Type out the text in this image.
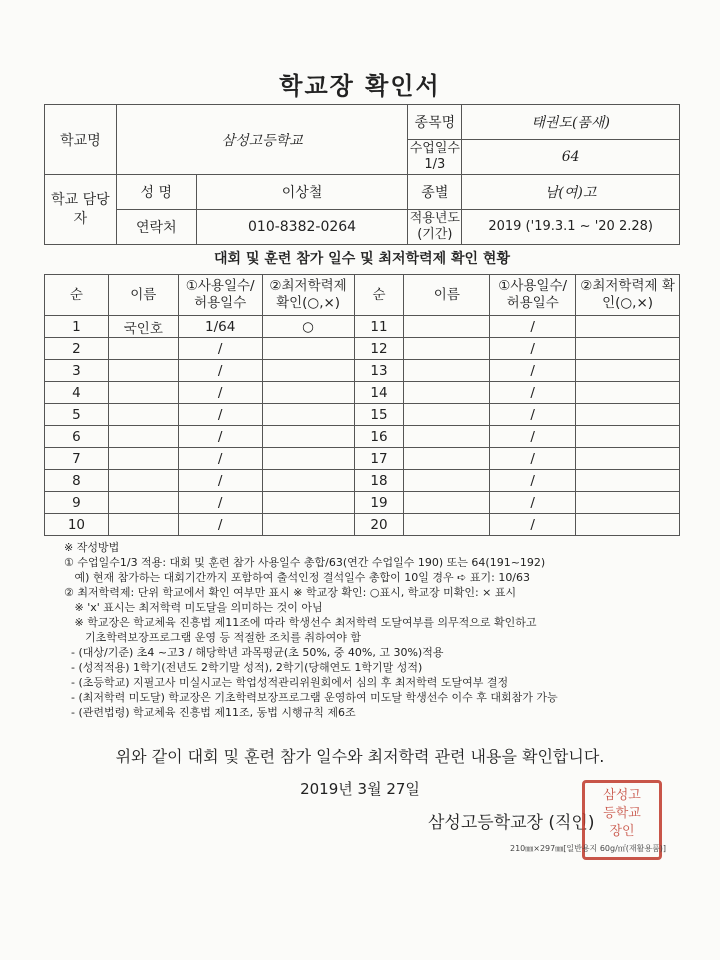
학교장 확인서
학교명	삼성고등학교		종목명	태권도(품새)
			수업일수 1/3	64
학교 담당자	성 명	이상철	종별	남(여)고
	연락처	010-8382-0264	적용년도 (기간)	2019 ('19.3.1 ~ '20 2.28)
대회 및 훈련 참가 일수 및 최저학력제 확인 현황
순	이름	①사용일수/ 허용일수	②최저학력제 확인(○,×)	순	이름	①사용일수/ 허용일수	②최저학력제 확인(○,×)
1	국인호	1/64	○	11		/	
2		/		12		/	
3		/		13		/	
4		/		14		/	
5		/		15		/	
6		/		16		/	
7		/		17		/	
8		/		18		/	
9		/		19		/	
10		/		20		/	
※ 작성방법
① 수업일수1/3 적용: 대회 및 훈련 참가 사용일수 총합/63(연간 수업일수 190) 또는 64(191~192)
예) 현재 참가하는 대회기간까지 포함하여 출석인정 결석일수 총합이 10일 경우 ➪ 표기: 10/63
② 최저학력제: 단위 학교에서 확인 여부만 표시 ※ 학교장 확인: ○표시, 학교장 미확인: × 표시
※ 'x' 표시는 최저학력 미도달을 의미하는 것이 아님
※ 학교장은 학교체육 진흥법 제11조에 따라 학생선수 최저학력 도달여부를 의무적으로 확인하고
기초학력보장프로그램 운영 등 적절한 조치를 취하여야 함
- (대상/기준) 초4 ~고3 / 해당학년 과목평균(초 50%, 중 40%, 고 30%)적용
- (성적적용) 1학기(전년도 2학기말 성적), 2학기(당해연도 1학기말 성적)
- (초등학교) 지필고사 미실시교는 학업성적관리위원회에서 심의 후 최저학력 도달여부 결정
- (최저학력 미도달) 학교장은 기초학력보장프로그램 운영하여 미도달 학생선수 이수 후 대회참가 가능
- (관련법령) 학교체육 진흥법 제11조, 동법 시행규칙 제6조
위와 같이 대회 및 훈련 참가 일수와 최저학력 관련 내용을 확인합니다.
2019년 3월 27일
삼성고등학교장 (직인)
삼성고
등학교
장인
210㎜×297㎜[일반용지 60g/㎡(재활용품)]
